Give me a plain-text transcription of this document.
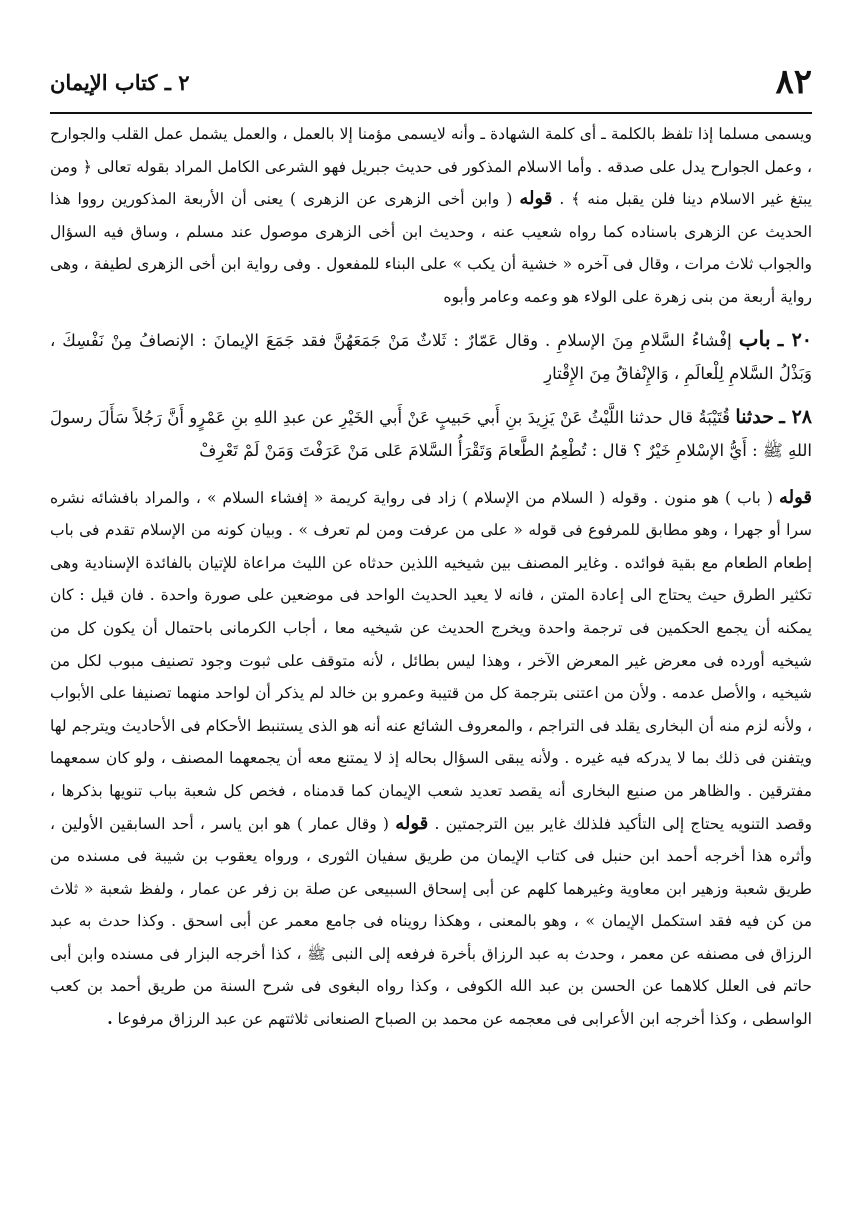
٨٢
٢ ـ كتاب الإيمان
ويسمى مسلما إذا تلفظ بالكلمة ـ أى كلمة الشهادة ـ وأنه لايسمى مؤمنا إلا بالعمل ، والعمل يشمل عمل القلب والجوارح ، وعمل الجوارح يدل على صدقه . وأما الاسلام المذكور فى حديث جبريل فهو الشرعى الكامل المراد بقوله تعالى ﴿ ومن يبتغ غير الاسلام دينا فلن يقبل منه ﴾ . قوله ( وابن أخى الزهرى عن الزهرى ) يعنى أن الأربعة المذكورين رووا هذا الحديث عن الزهرى باسناده كما رواه شعيب عنه ، وحديث ابن أخى الزهرى موصول عند مسلم ، وساق فيه السؤال والجواب ثلاث مرات ، وقال فى آخره « خشية أن يكب » على البناء للمفعول . وفى رواية ابن أخى الزهرى لطيفة ، وهى رواية أربعة من بنى زهرة على الولاء هو وعمه وعامر وأبوه
٢٠ ـ باب إفْشاءُ السَّلامِ مِنَ الإسلامِ . وقال عَمّارٌ : ثَلاثٌ مَنْ جَمَعَهُنَّ فقد جَمَعَ الإيمانَ : الإنصافُ مِنْ نَفْسِكَ ، وَبَذْلُ السَّلامِ لِلْعالَمِ ، وَالإِنْفاقُ مِنَ الإِقْتارِ
٢٨ ـ حدثنا قُتَيْبَةُ قال حدثنا اللَّيْثُ عَنْ يَزِيدَ بنِ أَبي حَبيبٍ عَنْ أَبي الخَيْرِ عن عبدِ اللهِ بنِ عَمْرٍو أَنَّ رَجُلاً سَأَلَ رسولَ اللهِ ﷺ : أَيُّ الإسْلامِ خَيْرٌ ؟ قال : تُطْعِمُ الطَّعامَ وَتَقْرَأُ السَّلامَ عَلى مَنْ عَرَفْتَ وَمَنْ لَمْ تَعْرِفْ
قوله ( باب ) هو منون . وقوله ( السلام من الإسلام ) زاد فى رواية كريمة « إفشاء السلام » ، والمراد بافشائه نشره سرا أو جهرا ، وهو مطابق للمرفوع فى قوله « على من عرفت ومن لم تعرف » . وبيان كونه من الإسلام تقدم فى باب إطعام الطعام مع بقية فوائده . وغاير المصنف بين شيخيه اللذين حدثاه عن الليث مراعاة للإتيان بالفائدة الإسنادية وهى تكثير الطرق حيث يحتاج الى إعادة المتن ، فانه لا يعيد الحديث الواحد فى موضعين على صورة واحدة . فان قيل : كان يمكنه أن يجمع الحكمين فى ترجمة واحدة ويخرج الحديث عن شيخيه معا ، أجاب الكرمانى باحتمال أن يكون كل من شيخيه أورده فى معرض غير المعرض الآخر ، وهذا ليس بطائل ، لأنه متوقف على ثبوت وجود تصنيف مبوب لكل من شيخيه ، والأصل عدمه . ولأن من اعتنى بترجمة كل من قتيبة وعمرو بن خالد لم يذكر أن لواحد منهما تصنيفا على الأبواب ، ولأنه لزم منه أن البخارى يقلد فى التراجم ، والمعروف الشائع عنه أنه هو الذى يستنبط الأحكام فى الأحاديث ويترجم لها ويتفنن فى ذلك بما لا يدركه فيه غيره . ولأنه يبقى السؤال بحاله إذ لا يمتنع معه أن يجمعهما المصنف ، ولو كان سمعهما مفترقين . والظاهر من صنيع البخارى أنه يقصد تعديد شعب الإيمان كما قدمناه ، فخص كل شعبة بباب تنويها بذكرها ، وقصد التنويه يحتاج إلى التأكيد فلذلك غاير بين الترجمتين . قوله ( وقال عمار ) هو ابن ياسر ، أحد السابقين الأولين ، وأثره هذا أخرجه أحمد ابن حنبل فى كتاب الإيمان من طريق سفيان الثورى ، ورواه يعقوب بن شيبة فى مسنده من طريق شعبة وزهير ابن معاوية وغيرهما كلهم عن أبى إسحاق السبيعى عن صلة بن زفر عن عمار ، ولفظ شعبة « ثلاث من كن فيه فقد استكمل الإيمان » ، وهو بالمعنى ، وهكذا رويناه فى جامع معمر عن أبى اسحق . وكذا حدث به عبد الرزاق فى مصنفه عن معمر ، وحدث به عبد الرزاق بأخرة فرفعه إلى النبى ﷺ ، كذا أخرجه البزار فى مسنده وابن أبى حاتم فى العلل كلاهما عن الحسن بن عبد الله الكوفى ، وكذا رواه البغوى فى شرح السنة من طريق أحمد بن كعب الواسطى ، وكذا أخرجه ابن الأعرابى فى معجمه عن محمد بن الصباح الصنعانى ثلاثتهم عن عبد الرزاق مرفوعا .
